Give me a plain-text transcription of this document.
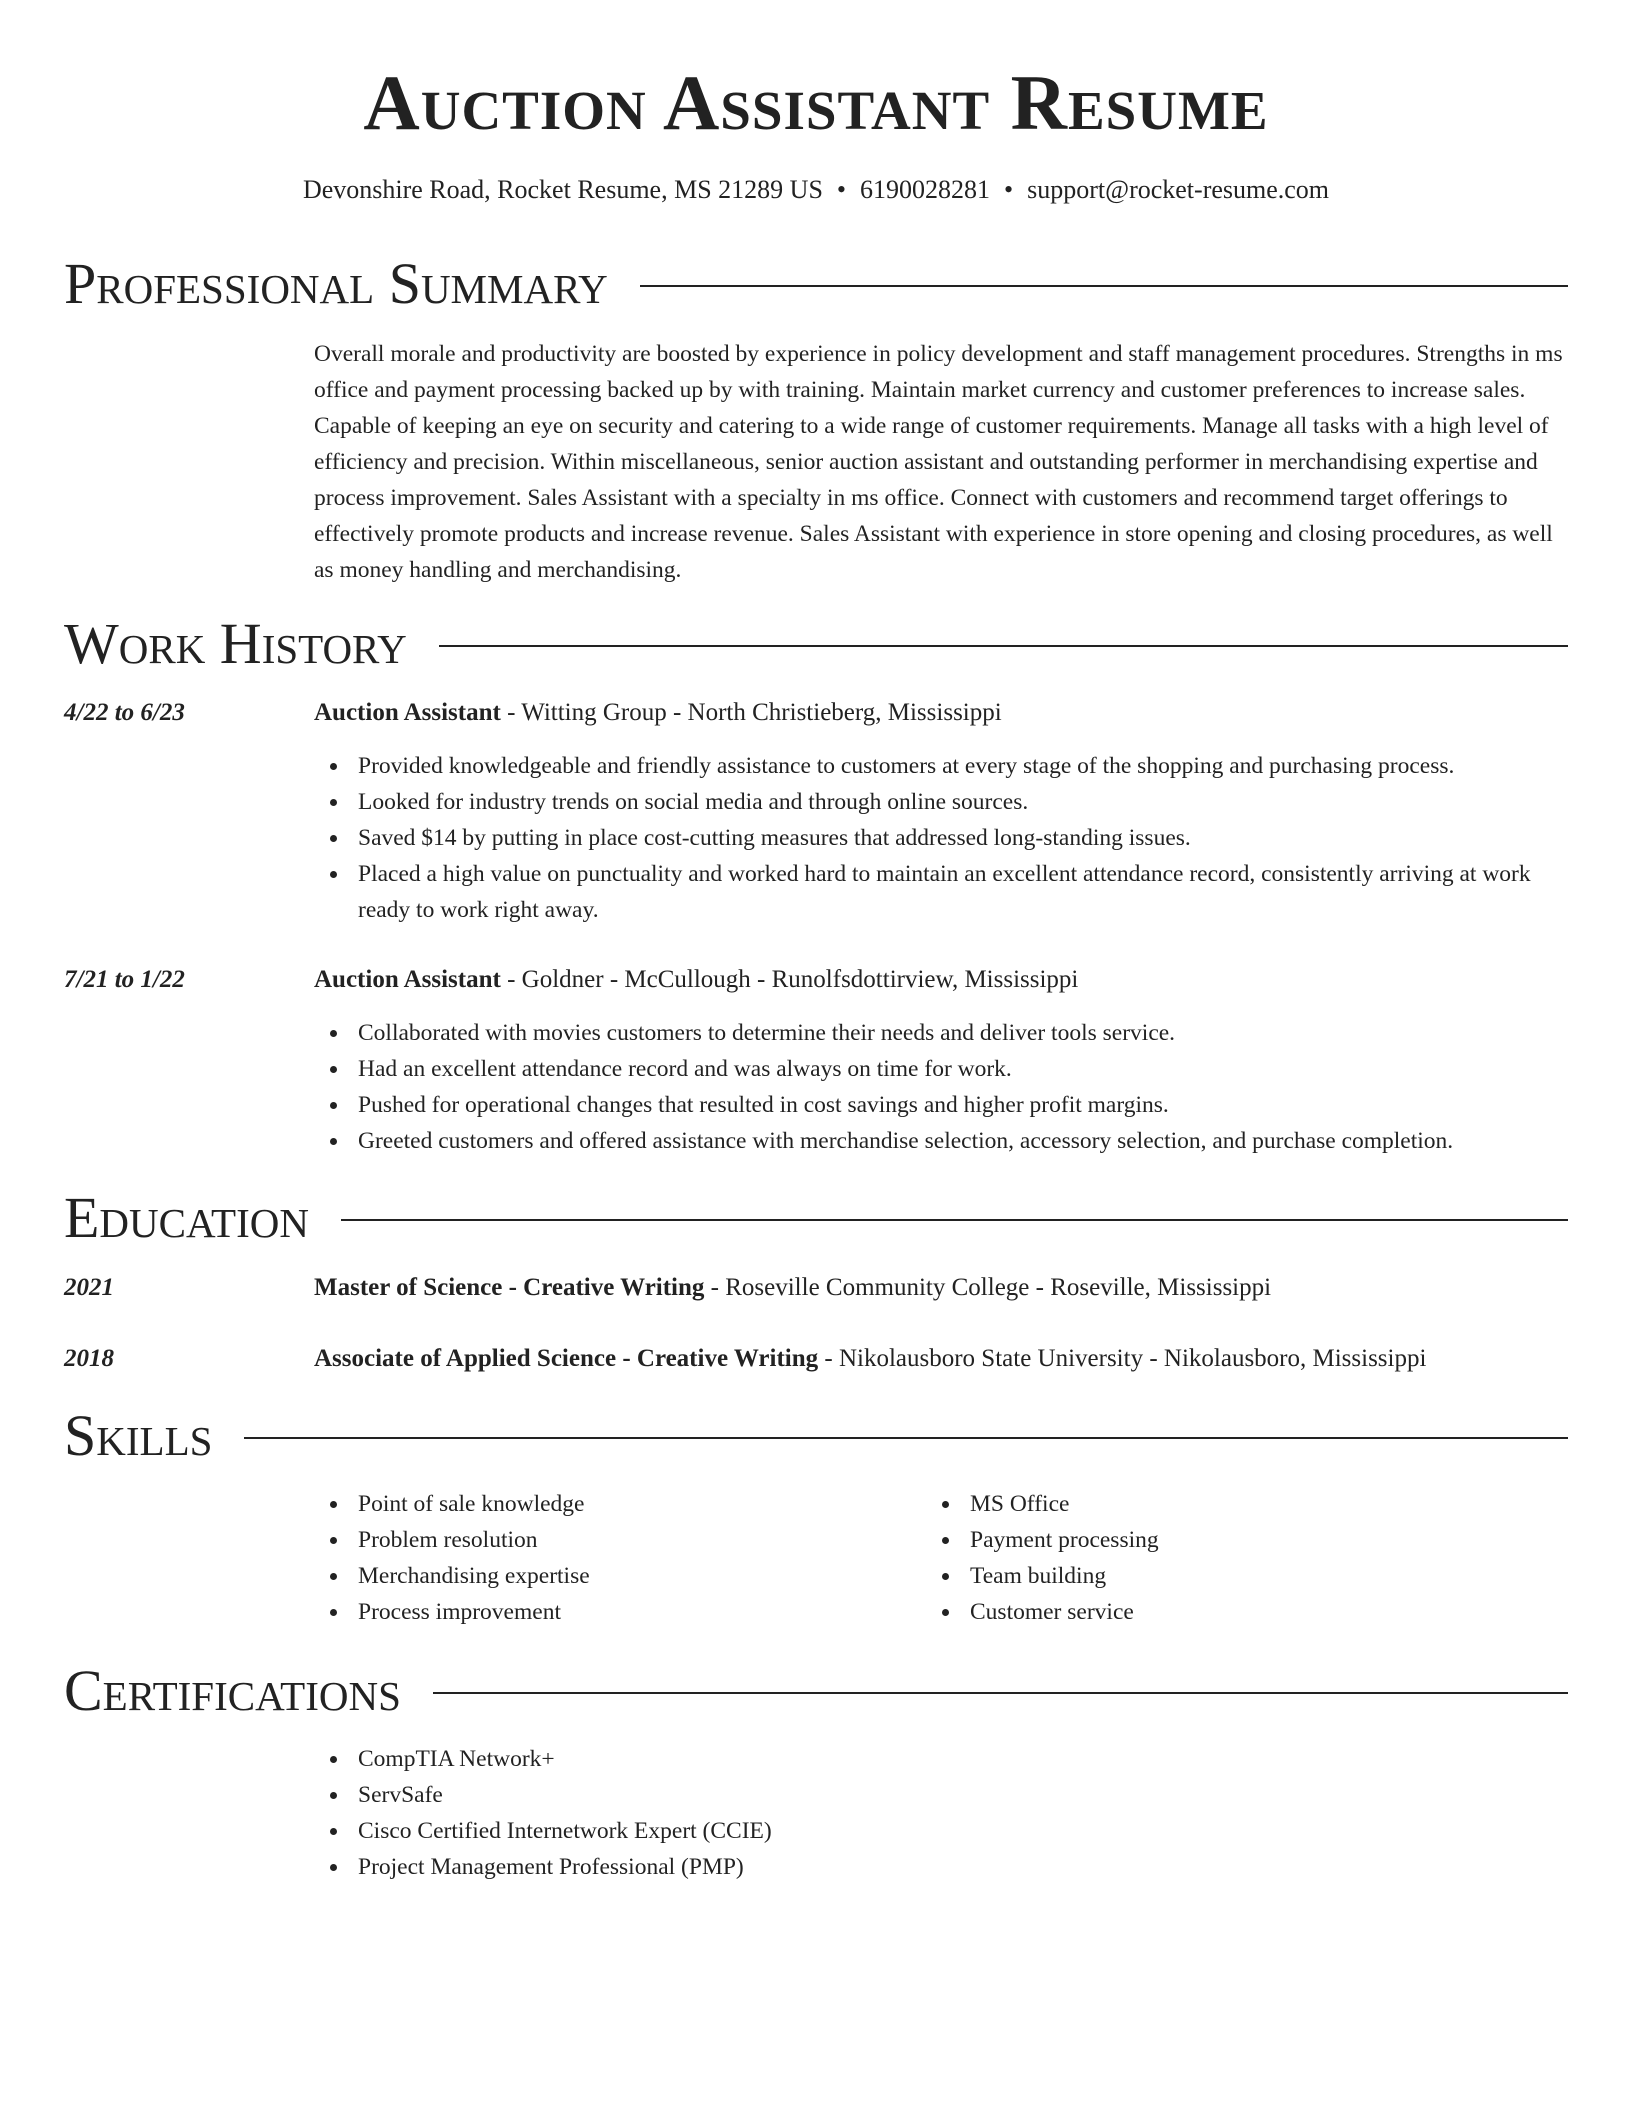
Auction Assistant Resume
Devonshire Road, Rocket Resume, MS 21289 US • 6190028281 • support@rocket-resume.com
Professional Summary

Overall morale and productivity are boosted by experience in policy development and staff management procedures. Strengths in ms office and payment processing backed up by with training. Maintain market currency and customer preferences to increase sales. Capable of keeping an eye on security and catering to a wide range of customer requirements. Manage all tasks with a high level of efficiency and precision. Within miscellaneous, senior auction assistant and outstanding performer in merchandising expertise and process improvement. Sales Assistant with a specialty in ms office. Connect with customers and recommend target offerings to effectively promote products and increase revenue. Sales Assistant with experience in store opening and closing procedures, as well as money handling and merchandising.

Work History
4/22 to 6/23	Auction Assistant - Witting Group - North Christieberg, Mississippi
Provided knowledgeable and friendly assistance to customers at every stage of the shopping and purchasing process.
Looked for industry trends on social media and through online sources.
Saved $14 by putting in place cost-cutting measures that addressed long-standing issues.
Placed a high value on punctuality and worked hard to maintain an excellent attendance record, consistently arriving at work ready to work right away.
7/21 to 1/22	Auction Assistant - Goldner - McCullough - Runolfsdottirview, Mississippi
Collaborated with movies customers to determine their needs and deliver tools service.
Had an excellent attendance record and was always on time for work.
Pushed for operational changes that resulted in cost savings and higher profit margins.
Greeted customers and offered assistance with merchandise selection, accessory selection, and purchase completion.
Education
2021	Master of Science - Creative Writing - Roseville Community College - Roseville, Mississippi
2018	Associate of Applied Science - Creative Writing - Nikolausboro State University - Nikolausboro, Mississippi
Skills
Point of sale knowledge
Problem resolution
Merchandising expertise
Process improvement
MS Office
Payment processing
Team building
Customer service
Certifications
CompTIA Network+
ServSafe
Cisco Certified Internetwork Expert (CCIE)
Project Management Professional (PMP)
